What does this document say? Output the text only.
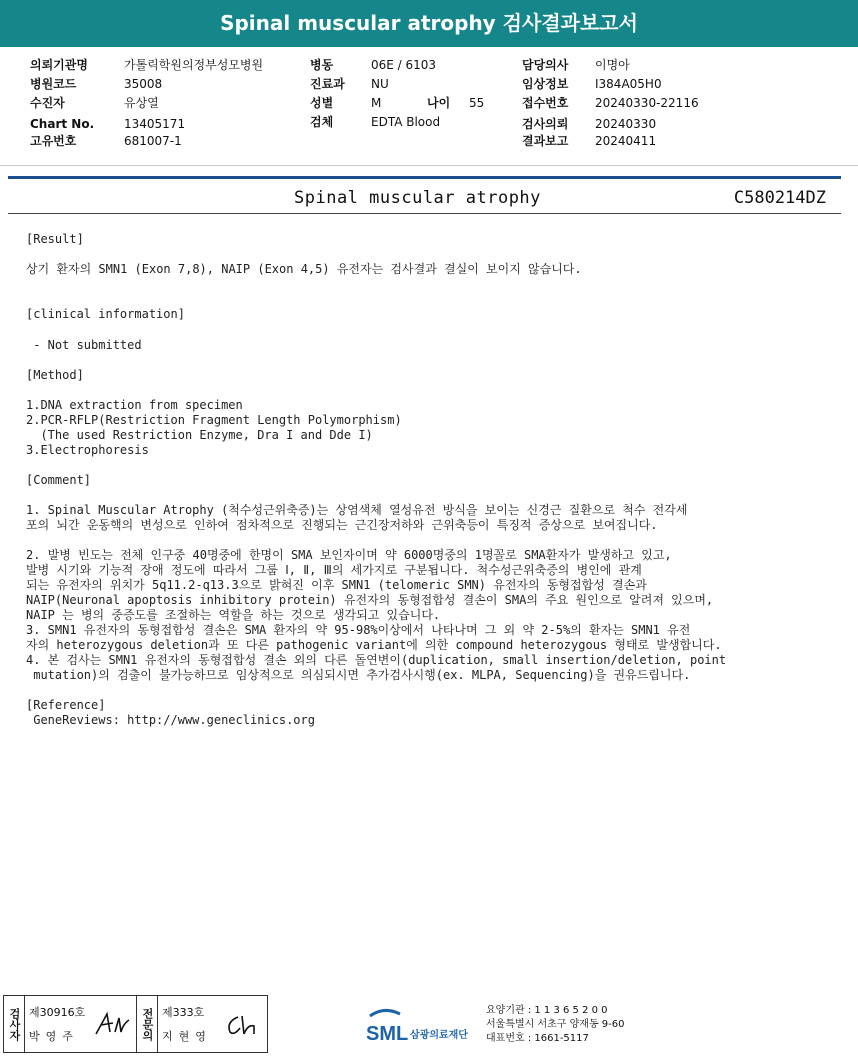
Spinal muscular atrophy 검사결과보고서
의뢰기관명	가톨릭학원의정부성모병원
병원코드	35008
수진자	유상열
Chart No. 13405171
고유번호	681007-1
병동	06E / 6103
진료과 NU
성별	M	나이 55
검체	EDTA Blood
담당의사 이명아
임상정보 I384A05H0
접수번호 20240330-22116
검사의뢰 20240330
결과보고 20240411
Spinal muscular atrophy	C580214DZ
[Result]
상기 환자의 SMN1 (Exon 7,8), NAIP (Exon 4,5) 유전자는 검사결과 결실이 보이지 않습니다.
[clinical information]
- Not submitted
[Method]
1.DNA extraction from specimen
2.PCR-RFLP(Restriction Fragment Length Polymorphism)
(The used Restriction Enzyme, Dra I and Dde I)
3.Electrophoresis
[Comment]
1. Spinal Muscular Atrophy (척수성근위축증)는 상염색체 열성유전 방식을 보이는 신경근 질환으로 척수 전각세
포의 뇌간 운동핵의 변성으로 인하여 점차적으로 진행되는 근긴장저하와 근위축등이 특징적 증상으로 보여집니다.
2. 발병 빈도는 전체 인구중 40명중에 한명이 SMA 보인자이며 약 6000명중의 1명꼴로 SMA환자가 발생하고 있고,
발병 시기와 기능적 장애 정도에 따라서 그룹 Ⅰ, Ⅱ, Ⅲ의 세가지로 구분됩니다. 척수성근위축증의 병인에 관계
되는 유전자의 위치가 5q11.2-q13.3으로 밝혀진 이후 SMN1 (telomeric SMN) 유전자의 동형접합성 결손과
NAIP(Neuronal apoptosis inhibitory protein) 유전자의 동형접합성 결손이 SMA의 주요 원인으로 알려져 있으며,
NAIP 는 병의 중증도를 조절하는 역할을 하는 것으로 생각되고 있습니다.
3. SMN1 유전자의 동형접합성 결손은 SMA 환자의 약 95-98%이상에서 나타나며 그 외 약 2-5%의 환자는 SMN1 유전
자의 heterozygous deletion과 또 다른 pathogenic variant에 의한 compound heterozygous 형태로 발생합니다.
4. 본 검사는 SMN1 유전자의 동형접합성 결손 외의 다른 돌연변이(duplication, small insertion/deletion, point
mutation)의 검출이 불가능하므로 임상적으로 의심되시면 추가검사시행(ex. MLPA, Sequencing)을 권유드립니다.
[Reference]
GeneReviews: http://www.geneclinics.org
검사자 제30916호
박영주	전문의 제333호
지현영	SML 삼광의료재단
요양기관 : 1 1 3 6 5 2 0 0
서울특별시 서초구 양재동 9-60
대표번호 : 1661-5117
